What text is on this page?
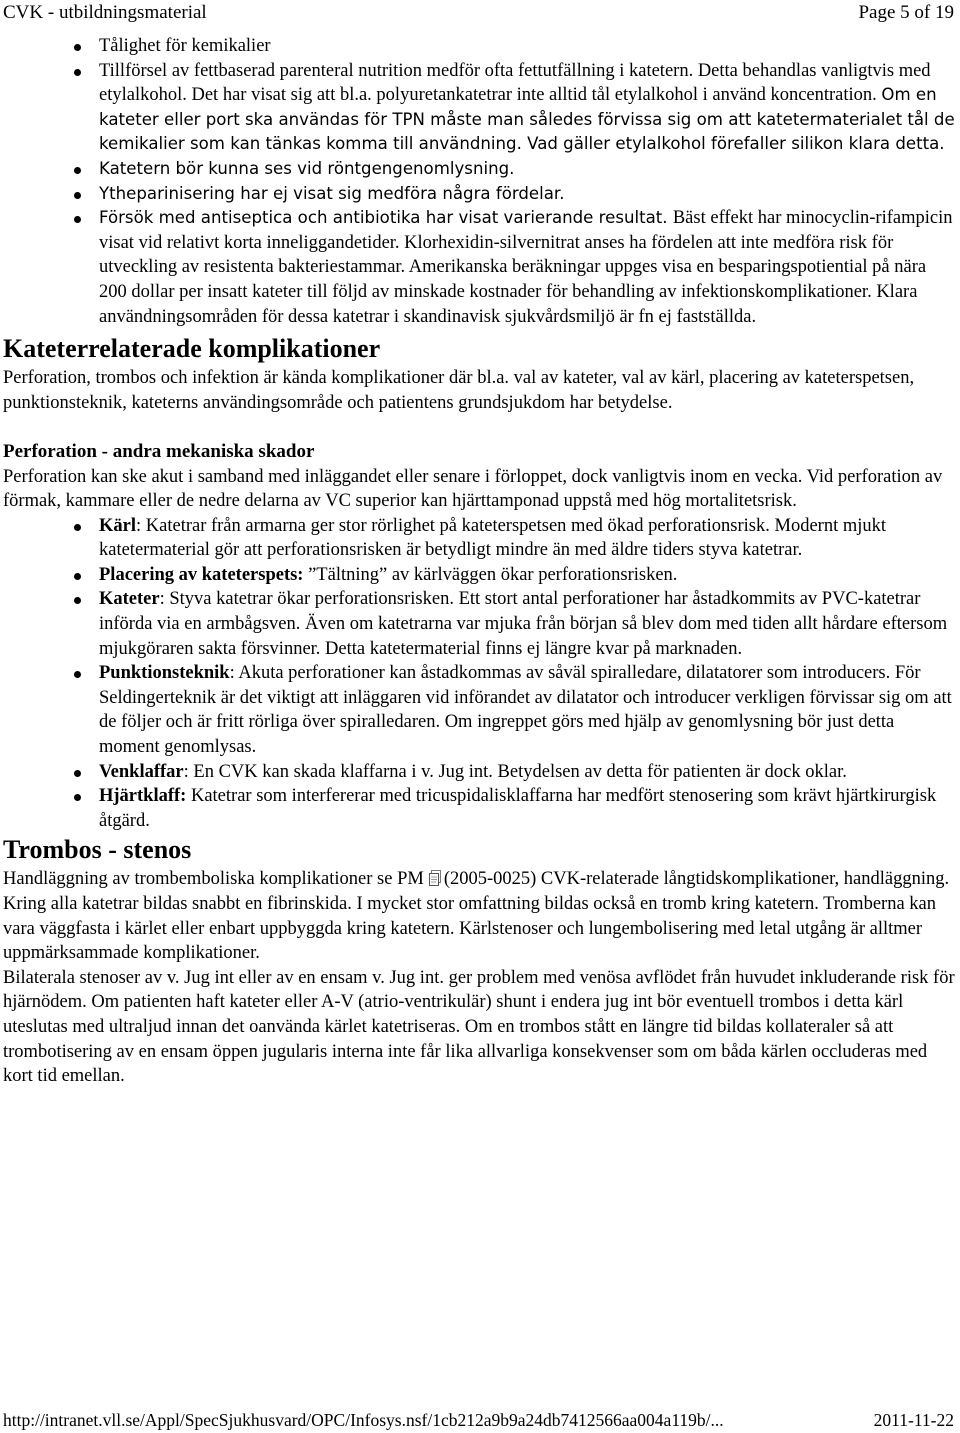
CVK - utbildningsmaterial	Page 5 of 19
Tålighet för kemikalier
Tillförsel av fettbaserad parenteral nutrition medför ofta fettutfällning i katetern. Detta behandlas vanligtvis med etylalkohol. Det har visat sig att bl.a. polyuretankatetrar inte alltid tål etylalkohol i använd koncentration. Om en kateter eller port ska användas för TPN måste man således förvissa sig om att katetermaterialet tål de kemikalier som kan tänkas komma till användning. Vad gäller etylalkohol förefaller silikon klara detta.
Katetern bör kunna ses vid röntgengenomlysning.
Ytheparinisering har ej visat sig medföra några fördelar.
Försök med antiseptica och antibiotika har visat varierande resultat. Bäst effekt har minocyclin-rifampicin visat vid relativt korta inneliggandetider. Klorhexidin-silvernitrat anses ha fördelen att inte medföra risk för utveckling av resistenta bakteriestammar. Amerikanska beräkningar uppges visa en besparingspotiential på nära 200 dollar per insatt kateter till följd av minskade kostnader för behandling av infektionskomplikationer. Klara användningsområden för dessa katetrar i skandinavisk sjukvårdsmiljö är fn ej fastställda.
Kateterrelaterade komplikationer

Perforation, trombos och infektion är kända komplikationer där bl.a. val av kateter, val av kärl, placering av kateterspetsen, punktionsteknik, kateterns användingsområde och patientens grundsjukdom har betydelse.

Perforation - andra mekaniska skador

Perforation kan ske akut i samband med inläggandet eller senare i förloppet, dock vanligtvis inom en vecka. Vid perforation av förmak, kammare eller de nedre delarna av VC superior kan hjärttamponad uppstå med hög mortalitetsrisk.

Kärl: Katetrar från armarna ger stor rörlighet på kateterspetsen med ökad perforationsrisk. Modernt mjukt katetermaterial gör att perforationsrisken är betydligt mindre än med äldre tiders styva katetrar.
Placering av kateterspets: ”Tältning” av kärlväggen ökar perforationsrisken.
Kateter: Styva katetrar ökar perforationsrisken. Ett stort antal perforationer har åstadkommits av PVC-katetrar införda via en armbågsven. Även om katetrarna var mjuka från början så blev dom med tiden allt hårdare eftersom mjukgöraren sakta försvinner. Detta katetermaterial finns ej längre kvar på marknaden.
Punktionsteknik: Akuta perforationer kan åstadkommas av såväl spiralledare, dilatatorer som introducers. För Seldingerteknik är det viktigt att inläggaren vid införandet av dilatator och introducer verkligen förvissar sig om att de följer och är fritt rörliga över spiralledaren. Om ingreppet görs med hjälp av genomlysning bör just detta moment genomlysas.
Venklaffar: En CVK kan skada klaffarna i v. Jug int. Betydelsen av detta för patienten är dock oklar.
Hjärtklaff: Katetrar som interfererar med tricuspidalisklaffarna har medfört stenosering som krävt hjärtkirurgisk åtgärd.
Trombos - stenos

Handläggning av trombemboliska komplikationer se PM (2005-0025) CVK-relaterade långtidskomplikationer, handläggning.

Kring alla katetrar bildas snabbt en fibrinskida. I mycket stor omfattning bildas också en tromb kring katetern. Tromberna kan vara väggfasta i kärlet eller enbart uppbyggda kring katetern. Kärlstenoser och lungembolisering med letal utgång är alltmer uppmärksammade komplikationer.

Bilaterala stenoser av v. Jug int eller av en ensam v. Jug int. ger problem med venösa avflödet från huvudet inkluderande risk för hjärnödem. Om patienten haft kateter eller A-V (atrio-ventrikulär) shunt i endera jug int bör eventuell trombos i detta kärl uteslutas med ultraljud innan det oanvända kärlet katetriseras. Om en trombos stått en längre tid bildas kollateraler så att trombotisering av en ensam öppen jugularis interna inte får lika allvarliga konsekvenser som om båda kärlen occluderas med kort tid emellan.

http://intranet.vll.se/Appl/SpecSjukhusvard/OPC/Infosys.nsf/1cb212a9b9a24db7412566aa004a119b/...	2011-11-22
